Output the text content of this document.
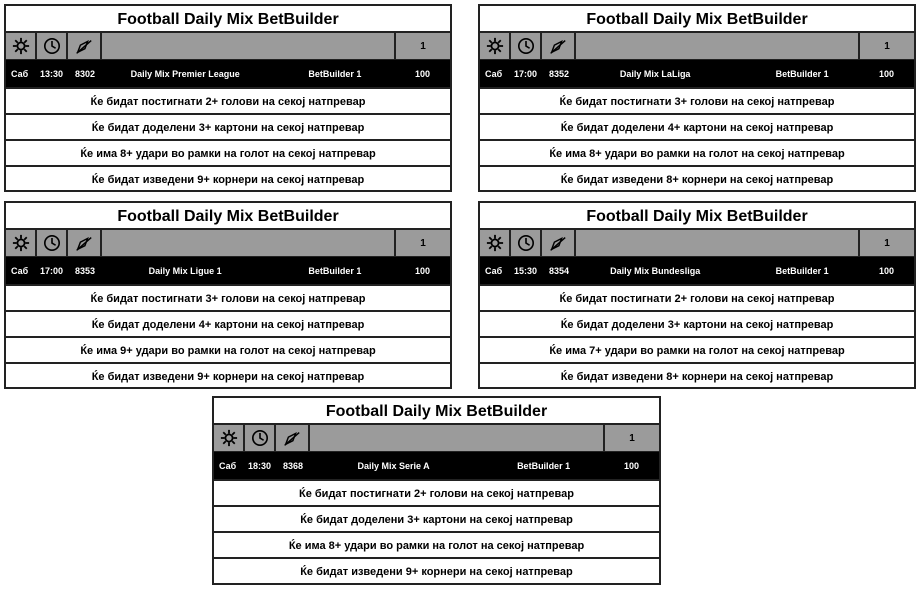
Football Daily Mix BetBuilder
1
Саб 13:30 8302	Daily Mix Premier League	BetBuilder 1	100
Ќе бидат постигнати 2+ голови на секој натпревар
Ќе бидат доделени 3+ картони на секој натпревар
Ќе има 8+ удари во рамки на голот на секој натпревар
Ќе бидат изведени 9+ корнери на секој натпревар
Football Daily Mix BetBuilder
1
Саб 17:00 8352	Daily Mix LaLiga	BetBuilder 1	100
Ќе бидат постигнати 3+ голови на секој натпревар
Ќе бидат доделени 4+ картони на секој натпревар
Ќе има 8+ удари во рамки на голот на секој натпревар
Ќе бидат изведени 8+ корнери на секој натпревар
Football Daily Mix BetBuilder
1
Саб 17:00 8353	Daily Mix Ligue 1	BetBuilder 1	100
Ќе бидат постигнати 3+ голови на секој натпревар
Ќе бидат доделени 4+ картони на секој натпревар
Ќе има 9+ удари во рамки на голот на секој натпревар
Ќе бидат изведени 9+ корнери на секој натпревар
Football Daily Mix BetBuilder
1
Саб 15:30 8354	Daily Mix Bundesliga	BetBuilder 1	100
Ќе бидат постигнати 2+ голови на секој натпревар
Ќе бидат доделени 3+ картони на секој натпревар
Ќе има 7+ удари во рамки на голот на секој натпревар
Ќе бидат изведени 8+ корнери на секој натпревар
Football Daily Mix BetBuilder
1
Саб 18:30 8368	Daily Mix Serie A	BetBuilder 1	100
Ќе бидат постигнати 2+ голови на секој натпревар
Ќе бидат доделени 3+ картони на секој натпревар
Ќе има 8+ удари во рамки на голот на секој натпревар
Ќе бидат изведени 9+ корнери на секој натпревар
